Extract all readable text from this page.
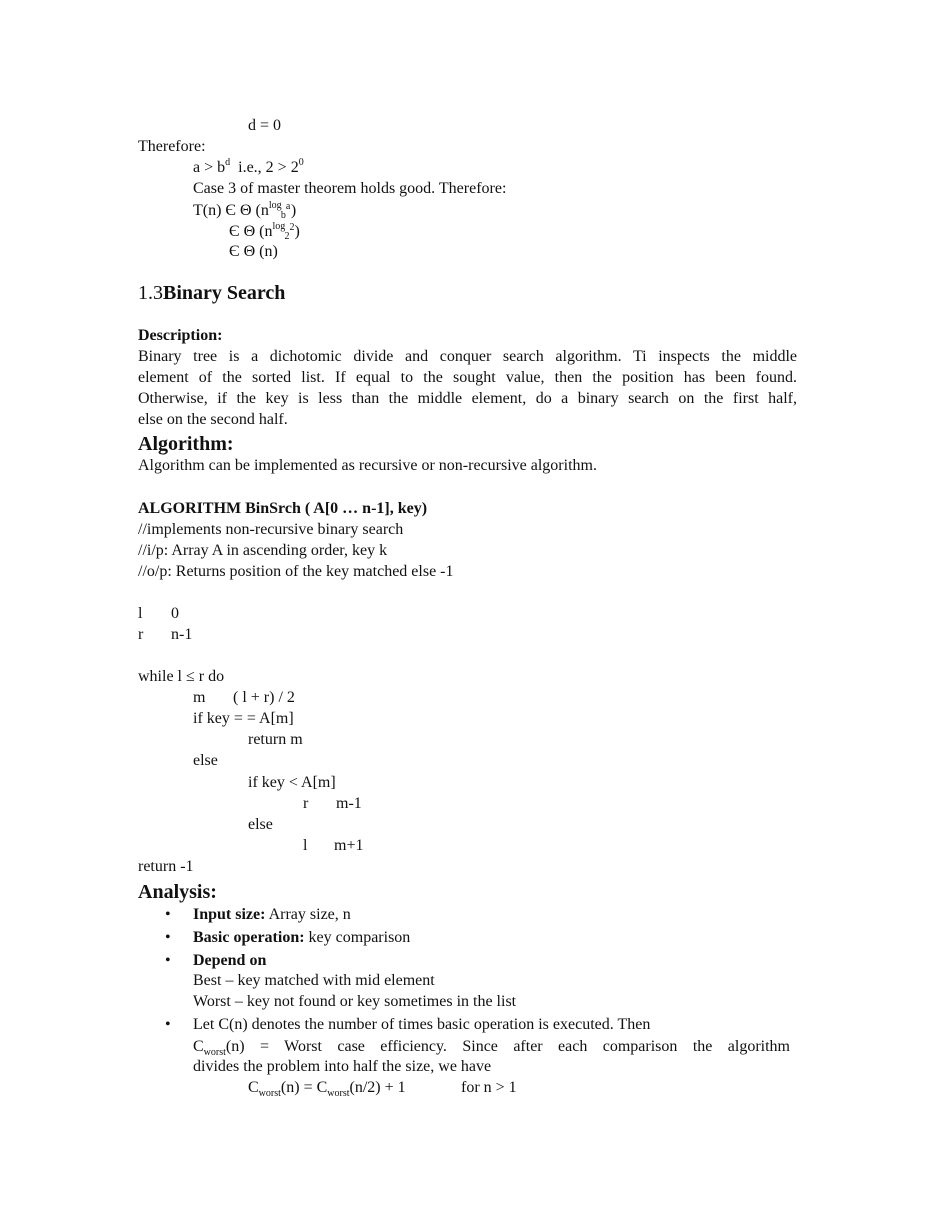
d = 0
Therefore:
$a > b^d$ i.e., $2 > 2^0$
Case 3 of master theorem holds good. Therefore:
T(n) Є Θ (n log a
b )
Є Θ (n log 2
2 )
Є Θ (n)
1.3Binary Search
Description:
Binary tree is a dichotomic divide and conquer search algorithm. Ti inspects the middle
element of the sorted list. If equal to the sought value, then the position has been found.
Otherwise, if the key is less than the middle element, do a binary search on the first half,
else on the second half.
Algorithm:
Algorithm can be implemented as recursive or non-recursive algorithm.
ALGORITHM BinSrch ( A[0 … n-1], key)
//implements non-recursive binary search
//i/p: Array A in ascending order, key k
//o/p: Returns position of the key matched else -1
l 0
r n-1
while l ≤ r do
m ( l + r) / 2
if key = = A[m]
return m
else
if key < A[m]
r m-1
else
l m+1
return -1
Analysis:
• Input size: Array size, n
• Basic operation: key comparison
• Depend on
Best – key matched with mid element
Worst – key not found or key sometimes in the list
• Let C(n) denotes the number of times basic operation is executed. Then
$C_{worst}(n)$ = Worst case efficiency. Since after each comparison the algorithm
divides the problem into half the size, we have
$C_{worst}(n) = C_{worst}(n/2) + 1$	for n > 1
